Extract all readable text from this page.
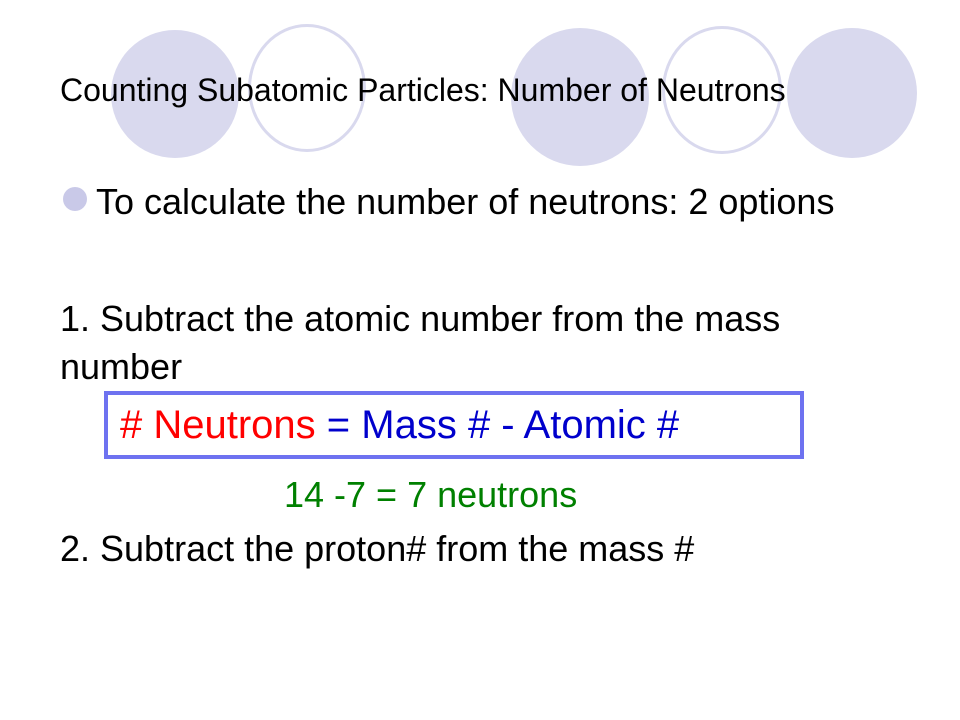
Counting Subatomic Particles: Number of Neutrons
To calculate the number of neutrons: 2 options
1. Subtract the atomic number from the mass number
# Neutrons = Mass # - Atomic #
14 -7 = 7 neutrons
2. Subtract the proton# from the mass #
